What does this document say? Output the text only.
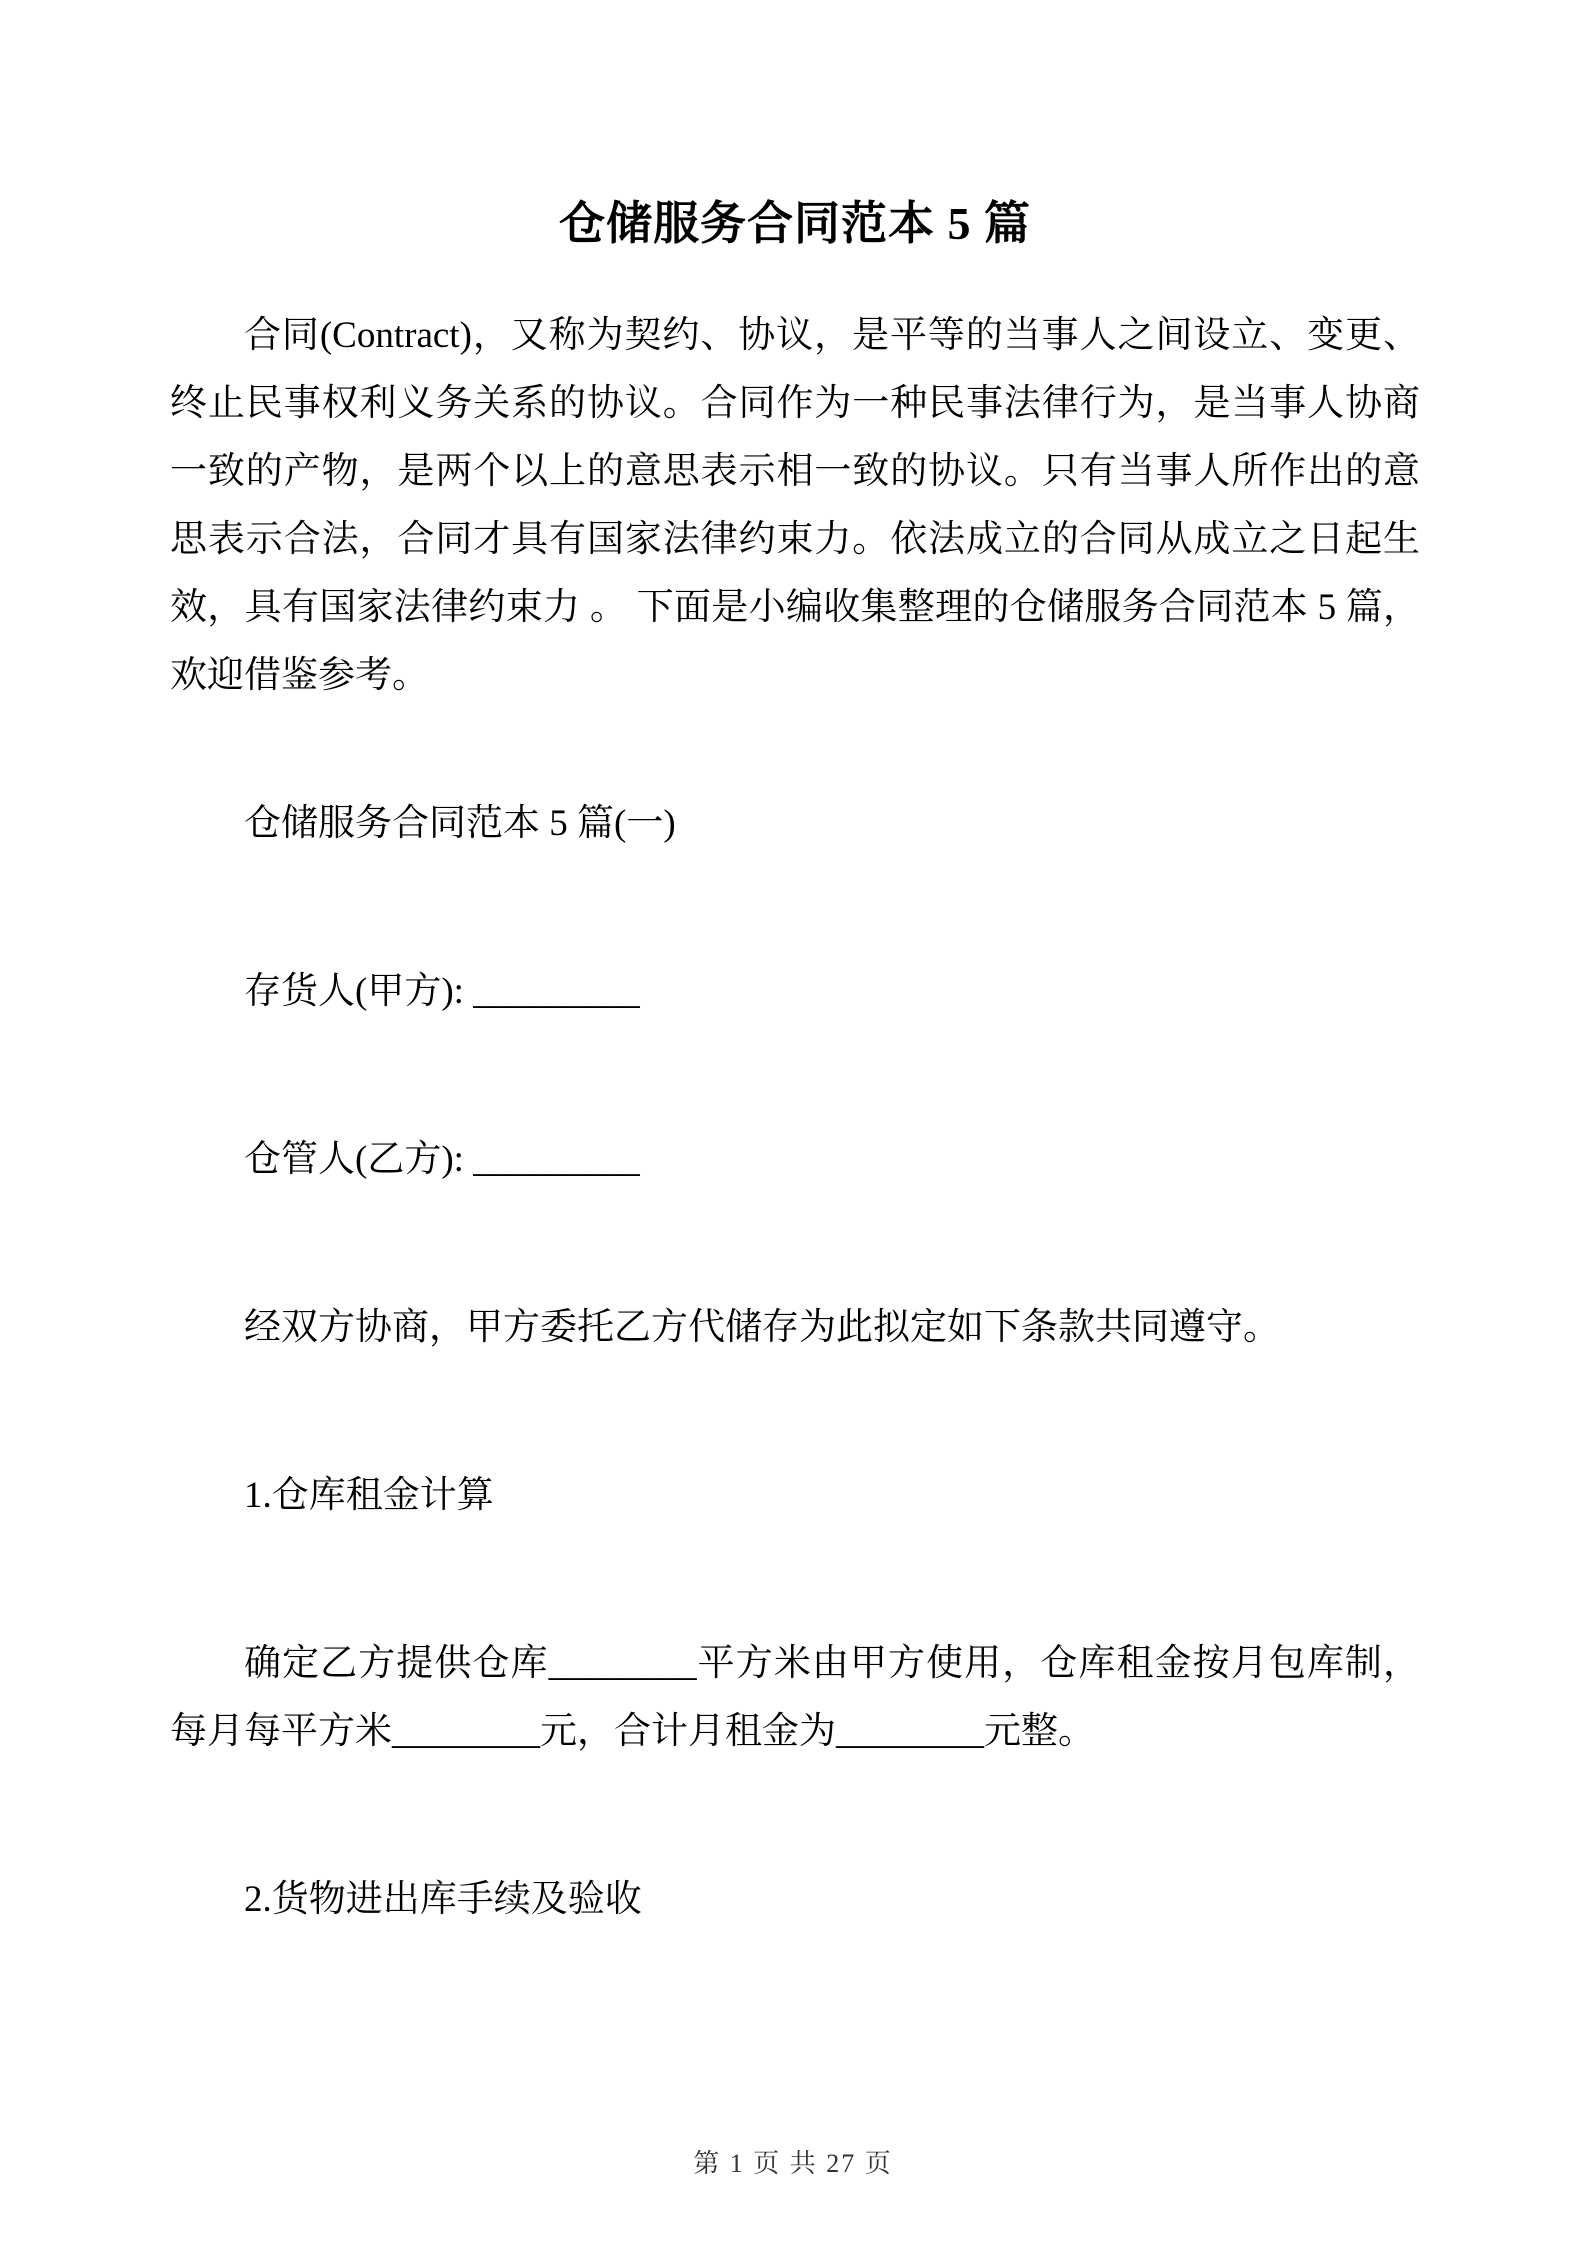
仓储服务合同范本 5 篇

合同(Contract)，又称为契约、协议，是平等的当事人之间设立、变更、终止民事权利义务关系的协议。合同作为一种民事法律行为，是当事人协商一致的产物，是两个以上的意思表示相一致的协议。只有当事人所作出的意思表示合法，合同才具有国家法律约束力。依法成立的合同从成立之日起生效，具有国家法律约束力 。 下面是小编收集整理的仓储服务合同范本 5 篇，欢迎借鉴参考。

仓储服务合同范本 5 篇(一)

存货人(甲方): _________

仓管人(乙方): _________

经双方协商，甲方委托乙方代储存为此拟定如下条款共同遵守。

1.仓库租金计算

确定乙方提供仓库________平方米由甲方使用，仓库租金按月包库制，每月每平方米________元，合计月租金为________元整。

2.货物进出库手续及验收

第 1 页 共 27 页
